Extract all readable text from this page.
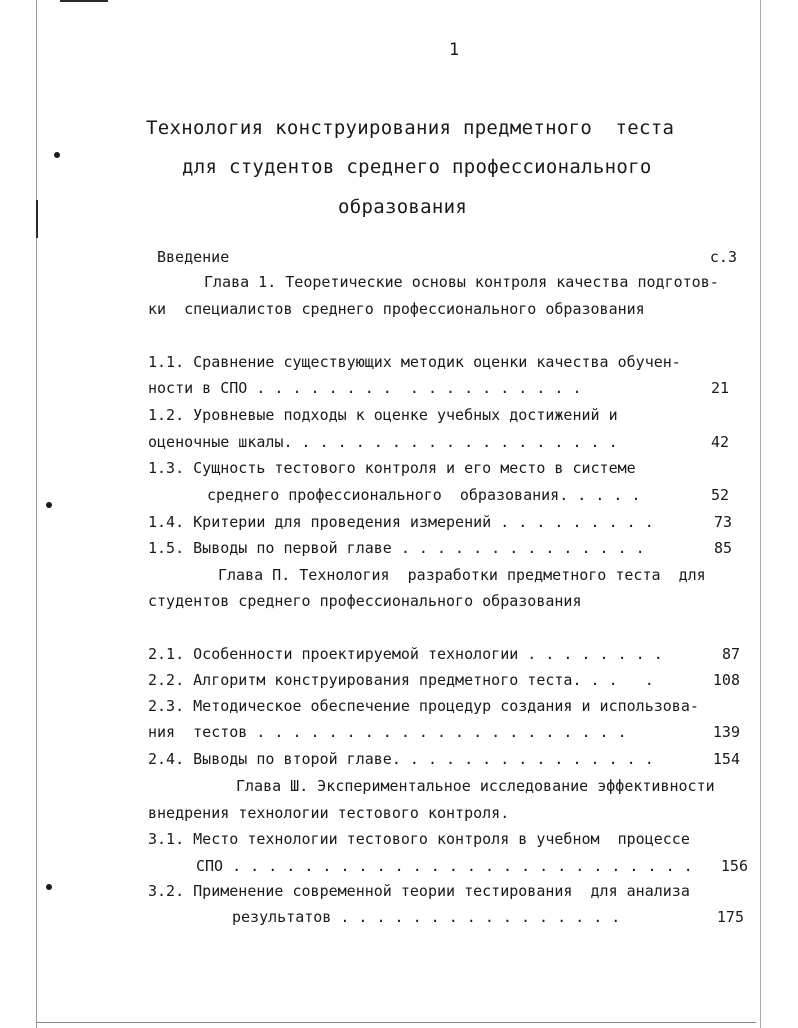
1
Технология конструирования предметного  теста
для студентов среднего профессионального
образования
Введение	с.3
Глава 1. Теоретические основы контроля качества подготов-
ки  специалистов среднего профессионального образования
1.1. Сравнение существующих методик оценки качества обучен-
ности в СПО . . . . . . . .  . . . . . . . . . .	21
1.2. Уровневые подходы к оценке учебных достижений и
оценочные шкалы. . . . . . . . . . . . . . . . . . .	42
1.3. Сущность тестового контроля и его место в системе
среднего профессионального  образования. . . . .	52
1.4. Критерии для проведения измерений . . . . . . . . .	73
1.5. Выводы по первой главе . . . . . . . . . . . . . .	85
Глава П. Технология  разработки предметного теста  для
студентов среднего профессионального образования
2.1. Особенности проектируемой технологии . . . . . . . .	87
2.2. Алгоритм конструирования предметного теста. . .   .	108
2.3. Методическое обеспечение процедур создания и использова-
ния  тестов . . . . . . . . . . . . . . . . . . . . .	139
2.4. Выводы по второй главе. . . . . . . . . . . . . . .	154
Глава Ш. Экспериментальное исследование эффективности
внедрения технологии тестового контроля.
3.1. Место технологии тестового контроля в учебном  процессе
СПО . . . . . . . . . . . . . . . . . . . . . . . . . .	156
3.2. Применение современной теории тестирования  для анализа
результатов . . . . . . . . . . . . . . . .	175
